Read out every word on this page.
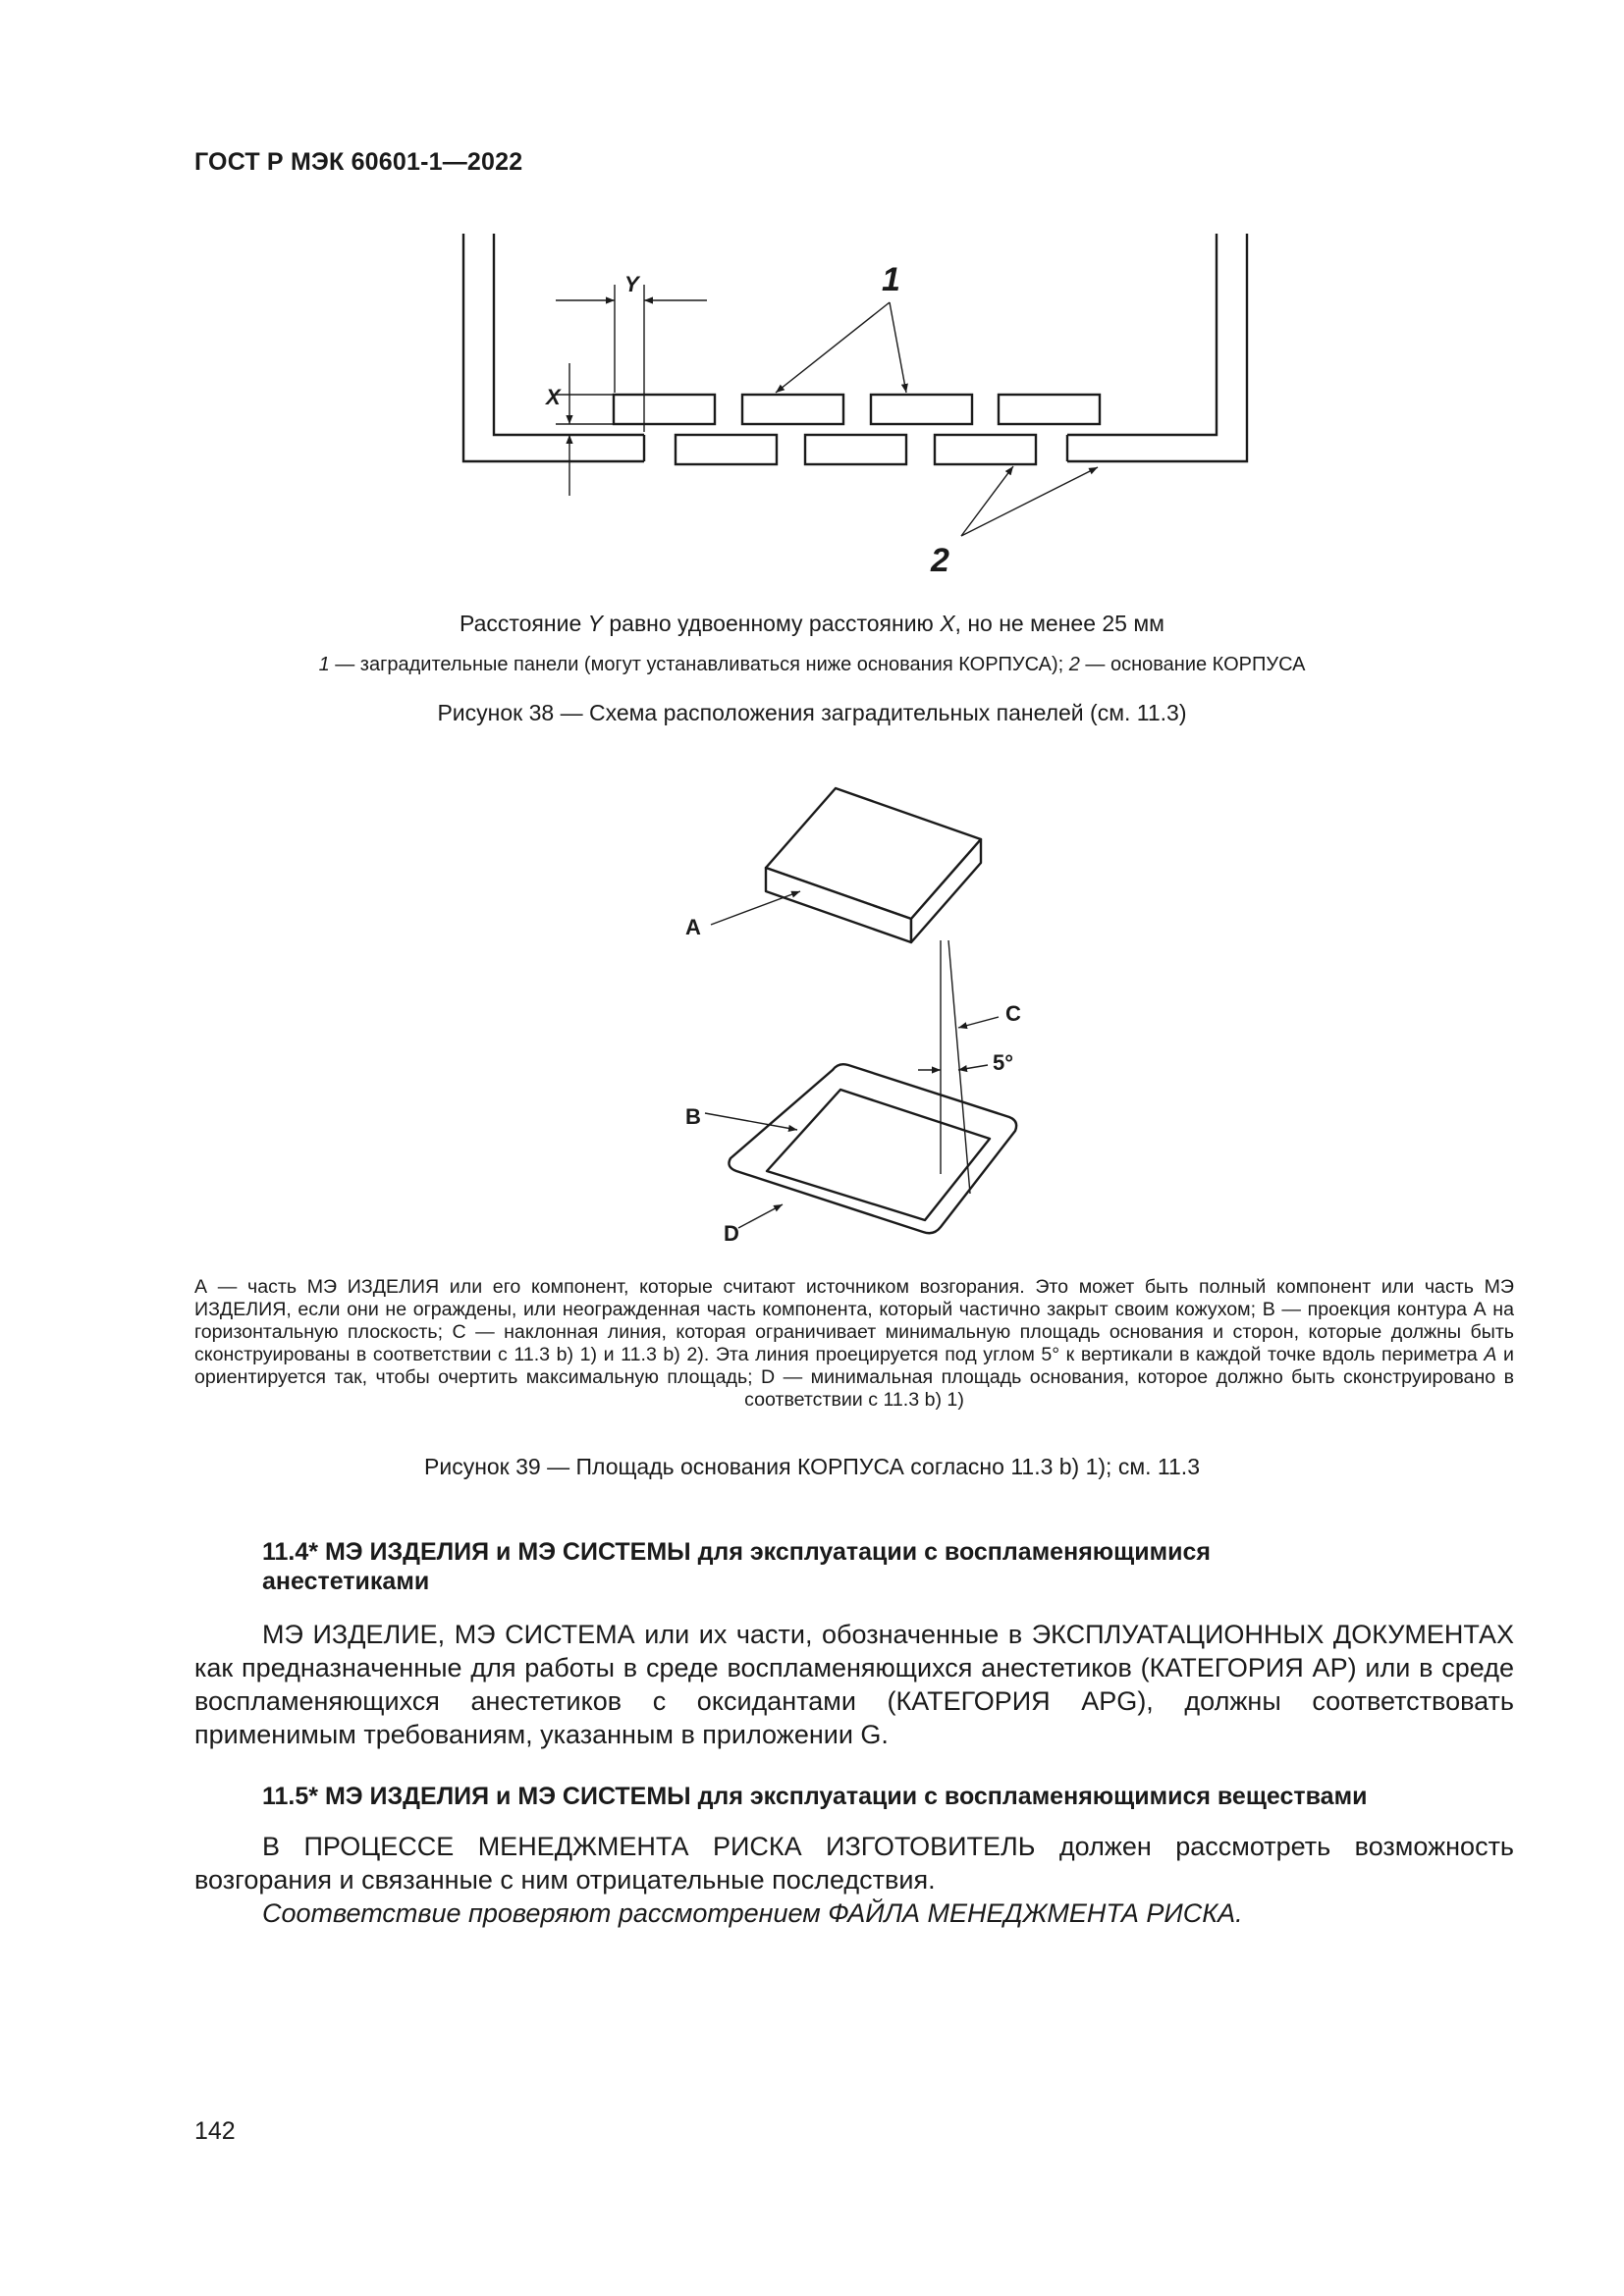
ГОСТ Р МЭК 60601-1—2022
Y
X
1
2
A
B
C
D
5°
Расстояние Y равно удвоенному расстоянию X, но не менее 25 мм
1 — заградительные панели (могут устанавливаться ниже основания КОРПУСА); 2 — основание КОРПУСА
Рисунок 38 — Схема расположения заградительных панелей (см. 11.3)
А — часть МЭ ИЗДЕЛИЯ или его компонент, которые считают источником возгорания. Это может быть полный компонент или часть МЭ ИЗДЕЛИЯ, если они не ограждены, или неогражденная часть компонента, который частично закрыт своим кожухом; В — проекция контура А на горизонтальную плоскость; С — наклонная линия, которая ограничивает минимальную площадь основания и сторон, которые должны быть сконструированы в соответствии с 11.3 b) 1) и 11.3 b) 2). Эта линия проецируется под углом 5° к вертикали в каждой точке вдоль периметра А и ориентируется так, чтобы очертить максимальную площадь; D — минимальная площадь основания, которое должно быть сконструировано в соответствии с 11.3 b) 1)
Рисунок 39 — Площадь основания КОРПУСА согласно 11.3 b) 1); см. 11.3
11.4* МЭ ИЗДЕЛИЯ и МЭ СИСТЕМЫ для эксплуатации с воспламеняющимися
анестетиками
МЭ ИЗДЕЛИЕ, МЭ СИСТЕМА или их части, обозначенные в ЭКСПЛУАТАЦИОННЫХ ДОКУМЕНТАХ как предназначенные для работы в среде воспламеняющихся анестетиков (КАТЕГОРИЯ AP) или в среде воспламеняющихся анестетиков с оксидантами (КАТЕГОРИЯ APG), должны соответствовать применимым требованиям, указанным в приложении G.
11.5* МЭ ИЗДЕЛИЯ и МЭ СИСТЕМЫ для эксплуатации с воспламеняющимися веществами
В ПРОЦЕССЕ МЕНЕДЖМЕНТА РИСКА ИЗГОТОВИТЕЛЬ должен рассмотреть возможность возгорания и связанные с ним отрицательные последствия.
Соответствие проверяют рассмотрением ФАЙЛА МЕНЕДЖМЕНТА РИСКА.
142
